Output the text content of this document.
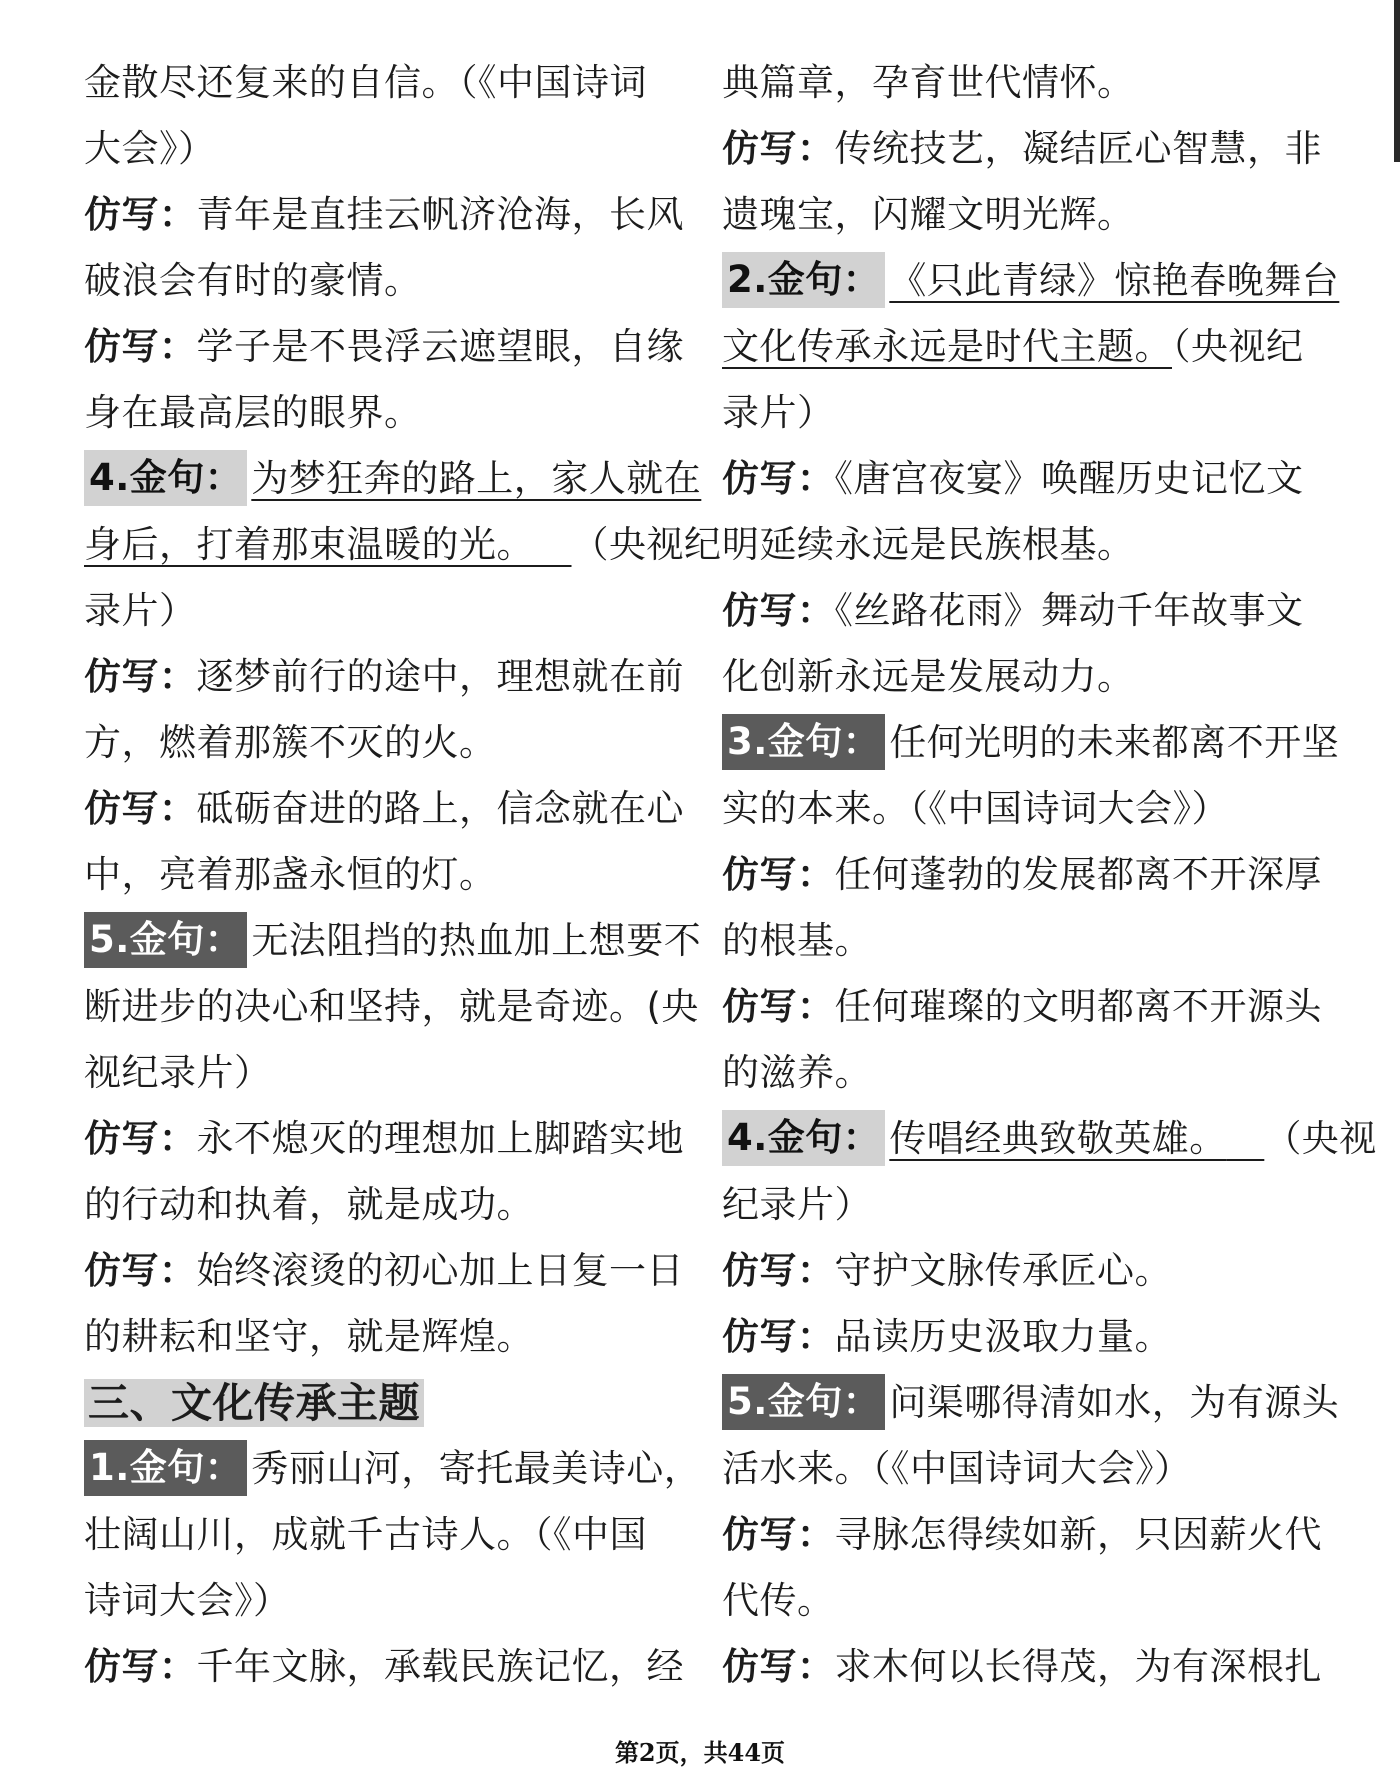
金散尽还复来的自信。（《中国诗词
大会》）
仿写：青年是直挂云帆济沧海，长风
破浪会有时的豪情。
仿写：学子是不畏浮云遮望眼，自缘
身在最高层的眼界。
4.金句： 为梦狂奔的路上，家人就在
身后，打着那束温暖的光。  （央视纪
录片）
仿写：逐梦前行的途中，理想就在前
方，燃着那簇不灭的火。
仿写：砥砺奋进的路上，信念就在心
中，亮着那盏永恒的灯。
5.金句： 无法阻挡的热血加上想要不
断进步的决心和坚持，就是奇迹。(央
视纪录片）
仿写：永不熄灭的理想加上脚踏实地
的行动和执着，就是成功。
仿写：始终滚烫的初心加上日复一日
的耕耘和坚守，就是辉煌。
三、文化传承主题
1.金句： 秀丽山河，寄托最美诗心，
壮阔山川，成就千古诗人。（《中国
诗词大会》）
仿写：千年文脉，承载民族记忆，经
典篇章，孕育世代情怀。
仿写：传统技艺，凝结匠心智慧，非
遗瑰宝，闪耀文明光辉。
2.金句： 《只此青绿》惊艳春晚舞台
文化传承永远是时代主题。（央视纪
录片）
仿写：《唐宫夜宴》唤醒历史记忆文
明延续永远是民族根基。
仿写：《丝路花雨》舞动千年故事文
化创新永远是发展动力。
3.金句： 任何光明的未来都离不开坚
实的本来。（《中国诗词大会》）
仿写：任何蓬勃的发展都离不开深厚
的根基。
仿写：任何璀璨的文明都离不开源头
的滋养。
4.金句： 传唱经典致敬英雄。  （央视
纪录片）
仿写：守护文脉传承匠心。
仿写：品读历史汲取力量。
5.金句： 问渠哪得清如水，为有源头
活水来。（《中国诗词大会》）
仿写：寻脉怎得续如新，只因薪火代
代传。
仿写：求木何以长得茂，为有深根扎
第2页，共44页
